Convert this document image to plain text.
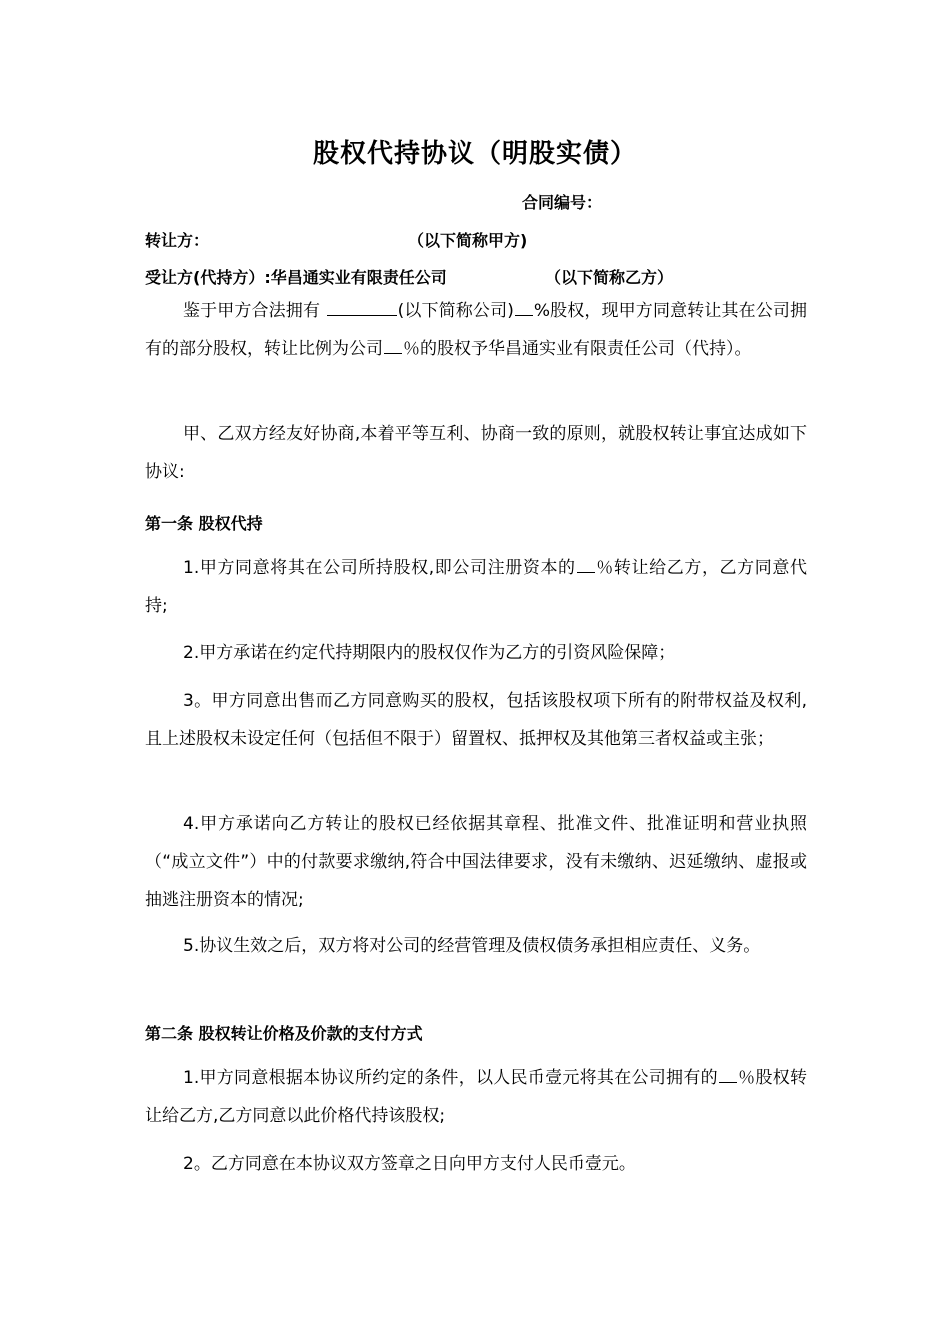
股权代持协议（明股实债）
合同编号：
转让方：	（以下简称甲方)
受让方(代持方）:华昌通实业有限责任公司	（以下简称乙方）

鉴于甲方合法拥有	(以下简称公司) %股权，现甲方同意转让其在公司拥有的部分股权，转让比例为公司 ％的股权予华昌通实业有限责任公司（代持）。

甲、乙双方经友好协商,本着平等互利、协商一致的原则，就股权转让事宜达成如下协议:

第一条 股权代持

1.甲方同意将其在公司所持股权,即公司注册资本的 ％转让给乙方，乙方同意代持;

2.甲方承诺在约定代持期限内的股权仅作为乙方的引资风险保障；

3。甲方同意出售而乙方同意购买的股权，包括该股权项下所有的附带权益及权利,且上述股权未设定任何（包括但不限于）留置权、抵押权及其他第三者权益或主张；

4.甲方承诺向乙方转让的股权已经依据其章程、批准文件、批准证明和营业执照（“成立文件”）中的付款要求缴纳,符合中国法律要求，没有未缴纳、迟延缴纳、虚报或抽逃注册资本的情况;

5.协议生效之后，双方将对公司的经营管理及债权债务承担相应责任、义务。

第二条 股权转让价格及价款的支付方式

1.甲方同意根据本协议所约定的条件，以人民币壹元将其在公司拥有的 ％股权转让给乙方,乙方同意以此价格代持该股权;

2。乙方同意在本协议双方签章之日向甲方支付人民币壹元。
